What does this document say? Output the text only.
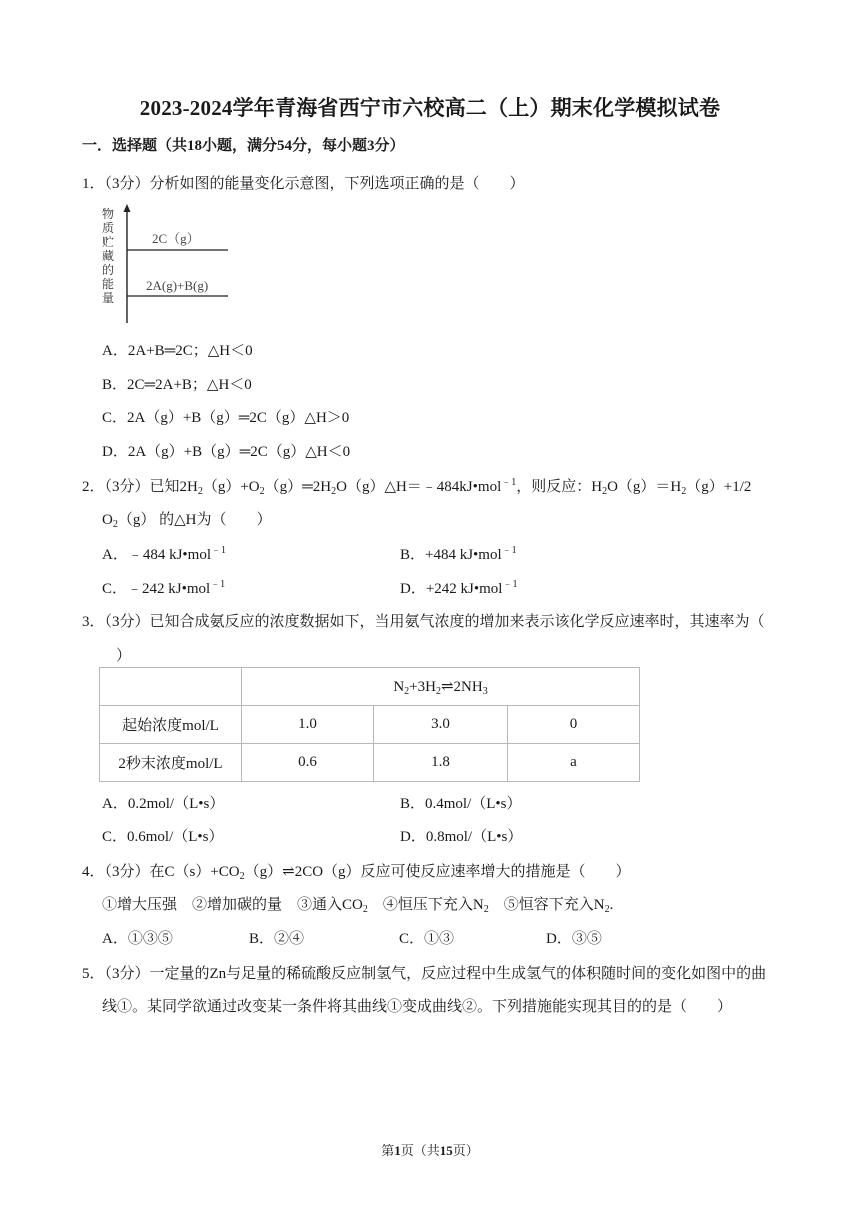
2023-2024学年青海省西宁市六校高二（上）期末化学模拟试卷
一．选择题（共18小题，满分54分，每小题3分）
1．（3分）分析如图的能量变化示意图，下列选项正确的是（　　）
物
质
贮
藏
的
能
量
2C（g）
2A(g)+B(g)
A．2A+B═2C；△H＜0
B．2C═2A+B；△H＜0
C．2A（g）+B（g）═2C（g）△H＞0
D．2A（g）+B（g）═2C（g）△H＜0
2．（3分）已知$2H_2(g)+O_2(g)═2H_2O(g)\triangle H=﹣484kJ•mol^{﹣1}$，则反应：$H_2O(g)=H_2(g)+1/2$
$O_2(g)$ 的△H为（　　）
A．﹣484 kJ•mol$^{﹣1}$	B．+484 kJ•mol$^{﹣1}$
C．﹣242 kJ•mol$^{﹣1}$	D．+242 kJ•mol$^{﹣1}$
3．（3分）已知合成氨反应的浓度数据如下，当用氨气浓度的增加来表示该化学反应速率时，其速率为（
）
	$N_2+3H_2\rightleftharpoons 2NH_3$
起始浓度mol/L	1.0	3.0	0
2秒末浓度mol/L	0.6	1.8	a
A．0.2mol/（L•s）	B．0.4mol/（L•s）
C．0.6mol/（L•s）	D．0.8mol/（L•s）
4．（3分）在$C(s)+CO_2(g)\rightleftharpoons 2CO(g)$反应可使反应速率增大的措施是（　　）
①增大压强　②增加碳的量　③通入$CO_2$　 ④恒压下充入$N_2$　 ⑤恒容下充入$N_2$.
A．①③⑤	B．②④	C．①③	D．③⑤
5．（3分）一定量的Zn与足量的稀硫酸反应制氢气，反应过程中生成氢气的体积随时间的变化如图中的曲
线①。某同学欲通过改变某一条件将其曲线①变成曲线②。下列措施能实现其目的的是（　　）
第1页（共15页）
